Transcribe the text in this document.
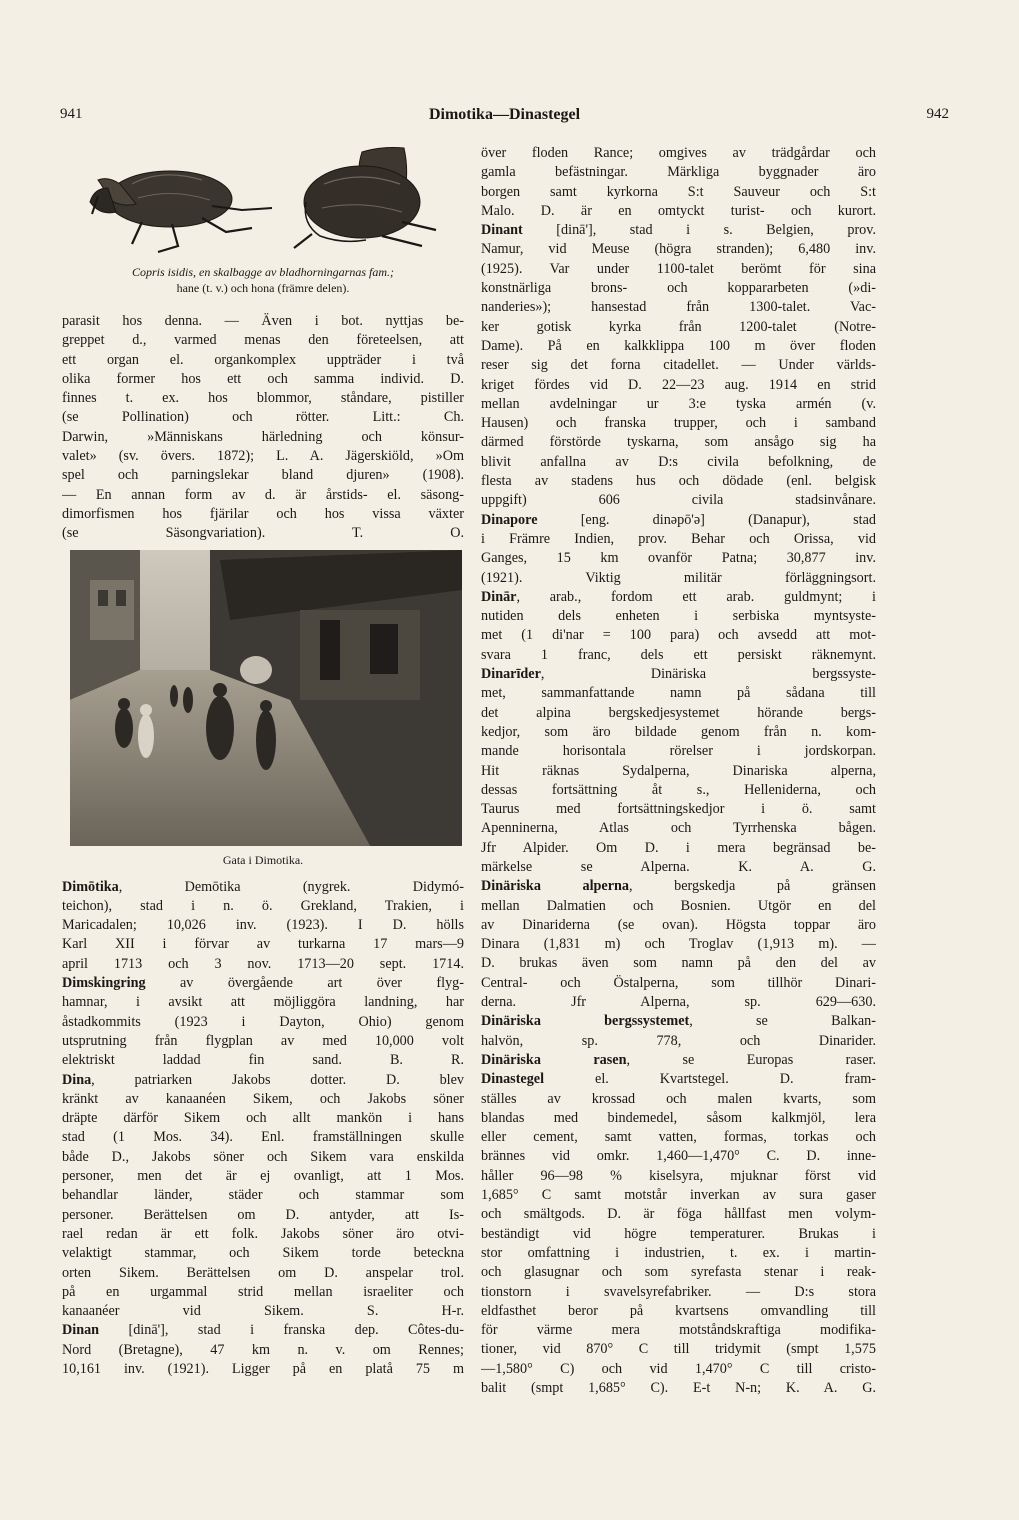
941	Dimotika—Dinastegel	942
Copris isidis, en skalbagge av bladhorningarnas fam.;
hane (t. v.) och hona (främre delen).
parasit hos denna. — Även i bot. nyttjas be-
greppet d., varmed menas den företeelsen, att
ett organ el. organkomplex uppträder i två
olika former hos ett och samma individ. D.
finnes t. ex. hos blommor, ståndare, pistiller
(se Pollination) och rötter. Litt.: Ch.
Darwin, »Människans härledning och könsur-
valet» (sv. övers. 1872); L. A. Jägerskiöld, »Om
spel och parningslekar bland djuren» (1908).
— En annan form av d. är årstids- el. säsong-
dimorfismen hos fjärilar och hos vissa växter
(se Säsongvariation). T. O.
Gata i Dimotika.
Dimōtika, Demōtika (nygrek. Didymó-
teichon), stad i n. ö. Grekland, Trakien, i
Maricadalen; 10,026 inv. (1923). I D. hölls
Karl XII i förvar av turkarna 17 mars—9
april 1713 och 3 nov. 1713—20 sept. 1714.
Dimskingring av övergående art över flyg-
hamnar, i avsikt att möjliggöra landning, har
åstadkommits (1923 i Dayton, Ohio) genom
utsprutning från flygplan av med 10,000 volt
elektriskt laddad fin sand. B. R.
Dina, patriarken Jakobs dotter. D. blev
kränkt av kanaanéen Sikem, och Jakobs söner
dräpte därför Sikem och allt mankön i hans
stad (1 Mos. 34). Enl. framställningen skulle
både D., Jakobs söner och Sikem vara enskilda
personer, men det är ej ovanligt, att 1 Mos.
behandlar länder, städer och stammar som
personer. Berättelsen om D. antyder, att Is-
rael redan är ett folk. Jakobs söner äro otvi-
velaktigt stammar, och Sikem torde beteckna
orten Sikem. Berättelsen om D. anspelar trol.
på en urgammal strid mellan israeliter och
kanaanéer vid Sikem. S. H-r.
Dinan [dinā'], stad i franska dep. Côtes-du-
Nord (Bretagne), 47 km n. v. om Rennes;
10,161 inv. (1921). Ligger på en platå 75 m
över floden Rance; omgives av trädgårdar och
gamla befästningar. Märkliga byggnader äro
borgen samt kyrkorna S:t Sauveur och S:t
Malo. D. är en omtyckt turist- och kurort.
Dinant [dinā'], stad i s. Belgien, prov.
Namur, vid Meuse (högra stranden); 6,480 inv.
(1925). Var under 1100-talet berömt för sina
konstnärliga brons- och koppararbeten (»di-
nanderies»); hansestad från 1300-talet. Vac-
ker gotisk kyrka från 1200-talet (Notre-
Dame). På en kalkklippa 100 m över floden
reser sig det forna citadellet. — Under världs-
kriget fördes vid D. 22—23 aug. 1914 en strid
mellan avdelningar ur 3:e tyska armén (v.
Hausen) och franska trupper, och i samband
därmed förstörde tyskarna, som ansågo sig ha
blivit anfallna av D:s civila befolkning, de
flesta av stadens hus och dödade (enl. belgisk
uppgift) 606 civila stadsinvånare.
Dinapore [eng. dinəpō'ə] (Danapur), stad
i Främre Indien, prov. Behar och Orissa, vid
Ganges, 15 km ovanför Patna; 30,877 inv.
(1921). Viktig militär förläggningsort.
Dinār, arab., fordom ett arab. guldmynt; i
nutiden dels enheten i serbiska myntsyste-
met (1 di'nar = 100 para) och avsedd att mot-
svara 1 franc, dels ett persiskt räknemynt.
Dinarīder, Dinäriska bergssyste-
met, sammanfattande namn på sådana till
det alpina bergskedjesystemet hörande bergs-
kedjor, som äro bildade genom från n. kom-
mande horisontala rörelser i jordskorpan.
Hit räknas Sydalperna, Dinariska alperna,
dessas fortsättning åt s., Helleniderna, och
Taurus med fortsättningskedjor i ö. samt
Apenninerna, Atlas och Tyrrhenska bågen.
Jfr Alpider. Om D. i mera begränsad be-
märkelse se Alperna. K. A. G.
Dinäriska alperna, bergskedja på gränsen
mellan Dalmatien och Bosnien. Utgör en del
av Dinariderna (se ovan). Högsta toppar äro
Dinara (1,831 m) och Troglav (1,913 m). —
D. brukas även som namn på den del av
Central- och Östalperna, som tillhör Dinari-
derna. Jfr Alperna, sp. 629—630.
Dinäriska bergssystemet, se Balkan-
halvön, sp. 778, och Dinarider.
Dinäriska rasen, se Europas raser.
Dinastegel el. Kvartstegel. D. fram-
ställes av krossad och malen kvarts, som
blandas med bindemedel, såsom kalkmjöl, lera
eller cement, samt vatten, formas, torkas och
brännes vid omkr. 1,460—1,470° C. D. inne-
håller 96—98 % kiselsyra, mjuknar först vid
1,685° C samt motstår inverkan av sura gaser
och smältgods. D. är föga hållfast men volym-
beständigt vid högre temperaturer. Brukas i
stor omfattning i industrien, t. ex. i martin-
och glasugnar och som syrefasta stenar i reak-
tionstorn i svavelsyrefabriker. — D:s stora
eldfasthet beror på kvartsens omvandling till
för värme mera motståndskraftiga modifika-
tioner, vid 870° C till tridymit (smpt 1,575
—1,580° C) och vid 1,470° C till cristo-
balit (smpt 1,685° C). E-t N-n; K. A. G.
